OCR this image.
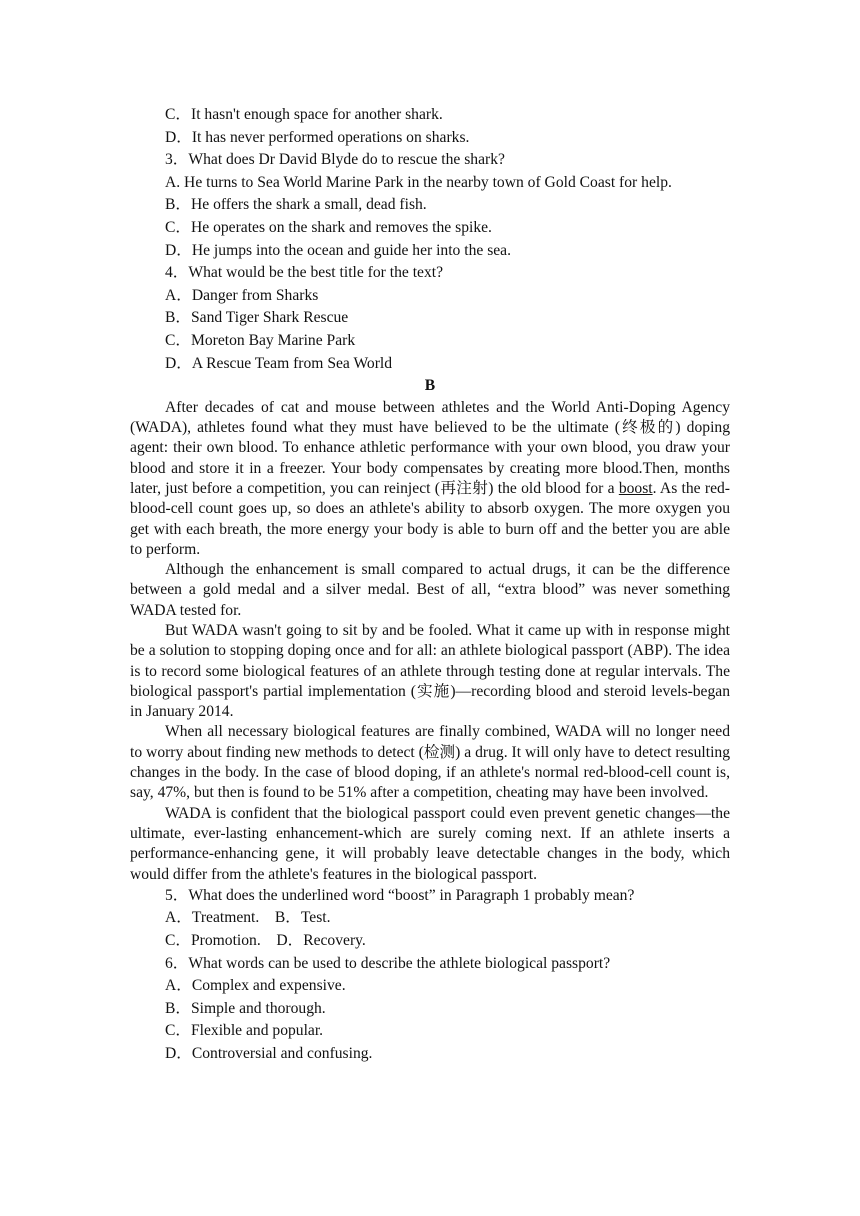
C．It hasn't enough space for another shark.
D．It has never performed operations on sharks.
3．What does Dr David Blyde do to rescue the shark?
A. He turns to Sea World Marine Park in the nearby town of Gold Coast for help.
B．He offers the shark a small, dead fish.
C．He operates on the shark and removes the spike.
D．He jumps into the ocean and guide her into the sea.
4．What would be the best title for the text?
A．Danger from Sharks
B．Sand Tiger Shark Rescue
C．Moreton Bay Marine Park
D．A Rescue Team from Sea World
B
After decades of cat and mouse between athletes and the World Anti-Doping Agency (WADA), athletes found what they must have believed to be the ultimate (终极的) doping agent: their own blood. To enhance athletic performance with your own blood, you draw your blood and store it in a freezer. Your body compensates by creating more blood.Then, months later, just before a competition, you can reinject (再注射) the old blood for a boost. As the red-blood-cell count goes up, so does an athlete's ability to absorb oxygen. The more oxygen you get with each breath, the more energy your body is able to burn off and the better you are able to perform.
Although the enhancement is small compared to actual drugs, it can be the difference between a gold medal and a silver medal. Best of all, “extra blood” was never something WADA tested for.
But WADA wasn't going to sit by and be fooled. What it came up with in response might be a solution to stopping doping once and for all: an athlete biological passport (ABP). The idea is to record some biological features of an athlete through testing done at regular intervals. The biological passport's partial implementation (实施)—recording blood and steroid levels-began in January 2014.
When all necessary biological features are finally combined, WADA will no longer need to worry about finding new methods to detect (检测) a drug. It will only have to detect resulting changes in the body. In the case of blood doping, if an athlete's normal red-blood-cell count is, say, 47%, but then is found to be 51% after a competition, cheating may have been involved.
WADA is confident that the biological passport could even prevent genetic changes—the ultimate, ever-lasting enhancement-which are surely coming next. If an athlete inserts a performance-enhancing gene, it will probably leave detectable changes in the body, which would differ from the athlete's features in the biological passport.
5．What does the underlined word “boost” in Paragraph 1 probably mean?
A．Treatment.　B．Test.
C．Promotion.　D．Recovery.
6．What words can be used to describe the athlete biological passport?
A．Complex and expensive.
B．Simple and thorough.
C．Flexible and popular.
D．Controversial and confusing.
